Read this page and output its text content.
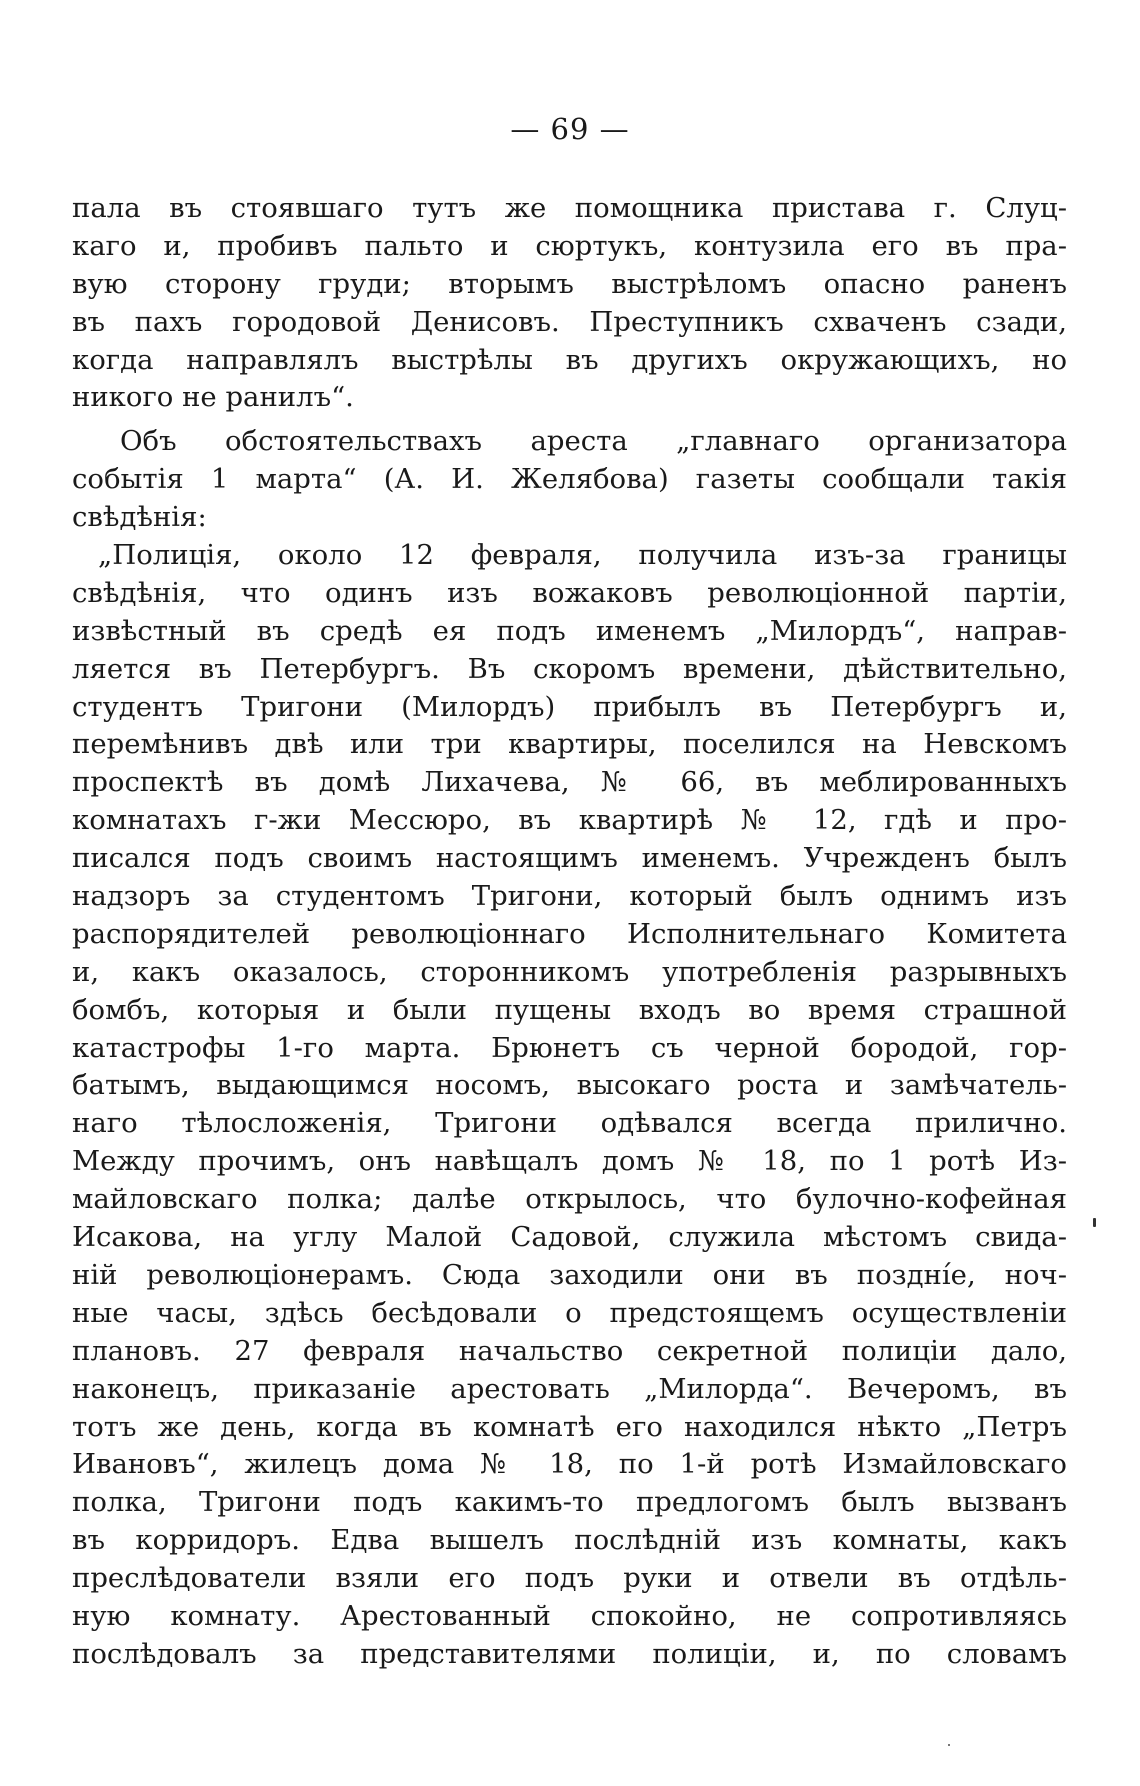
— 69 —
пала въ стоявшаго тутъ же помощника пристава г. Слуц-
каго и, пробивъ пальто и сюртукъ, контузила его въ пра-
вую сторону груди; вторымъ выстрѣломъ опасно раненъ
въ пахъ городовой Денисовъ. Преступникъ схваченъ сзади,
когда направлялъ выстрѣлы въ другихъ окружающихъ, но
никого не ранилъ“.
Объ обстоятельствахъ ареста „главнаго организатора
событія 1 марта“ (А. И. Желябова) газеты сообщали такія
свѣдѣнія:
„Полиція, около 12 февраля, получила изъ-за границы
свѣдѣнія, что одинъ изъ вожаковъ революціонной партіи,
извѣстный въ средѣ ея подъ именемъ „Милордъ“, направ-
ляется въ Петербургъ. Въ скоромъ времени, дѣйствительно,
студентъ Тригони (Милордъ) прибылъ въ Петербургъ и,
перемѣнивъ двѣ или три квартиры, поселился на Невскомъ
проспектѣ въ домѣ Лихачева, № 66, въ меблированныхъ
комнатахъ г-жи Мессюро, въ квартирѣ № 12, гдѣ и про-
писался подъ своимъ настоящимъ именемъ. Учрежденъ былъ
надзоръ за студентомъ Тригони, который былъ однимъ изъ
распорядителей революціоннаго Исполнительнаго Комитета
и, какъ оказалось, сторонникомъ употребленія разрывныхъ
бомбъ, которыя и были пущены входъ во время страшной
катастрофы 1-го марта. Брюнетъ съ черной бородой, гор-
батымъ, выдающимся носомъ, высокаго роста и замѣчатель-
наго тѣлосложенія, Тригони одѣвался всегда прилично.
Между прочимъ, онъ навѣщалъ домъ № 18, по 1 ротѣ Из-
майловскаго полка; далѣе открылось, что булочно-кофейная
Исакова, на углу Малой Садовой, служила мѣстомъ свида-
ній революціонерамъ. Сюда заходили они въ позднíе, ноч-
ные часы, здѣсь бесѣдовали о предстоящемъ осуществленіи
плановъ. 27 февраля начальство секретной полиціи дало,
наконецъ, приказаніе арестовать „Милорда“. Вечеромъ, въ
тотъ же день, когда въ комнатѣ его находился нѣкто „Петръ
Ивановъ“, жилецъ дома № 18, по 1-й ротѣ Измайловскаго
полка, Тригони подъ какимъ-то предлогомъ былъ вызванъ
въ корридоръ. Едва вышелъ послѣдній изъ комнаты, какъ
преслѣдователи взяли его подъ руки и отвели въ отдѣль-
ную комнату. Арестованный спокойно, не сопротивляясь
послѣдовалъ за представителями полиціи, и, по словамъ
